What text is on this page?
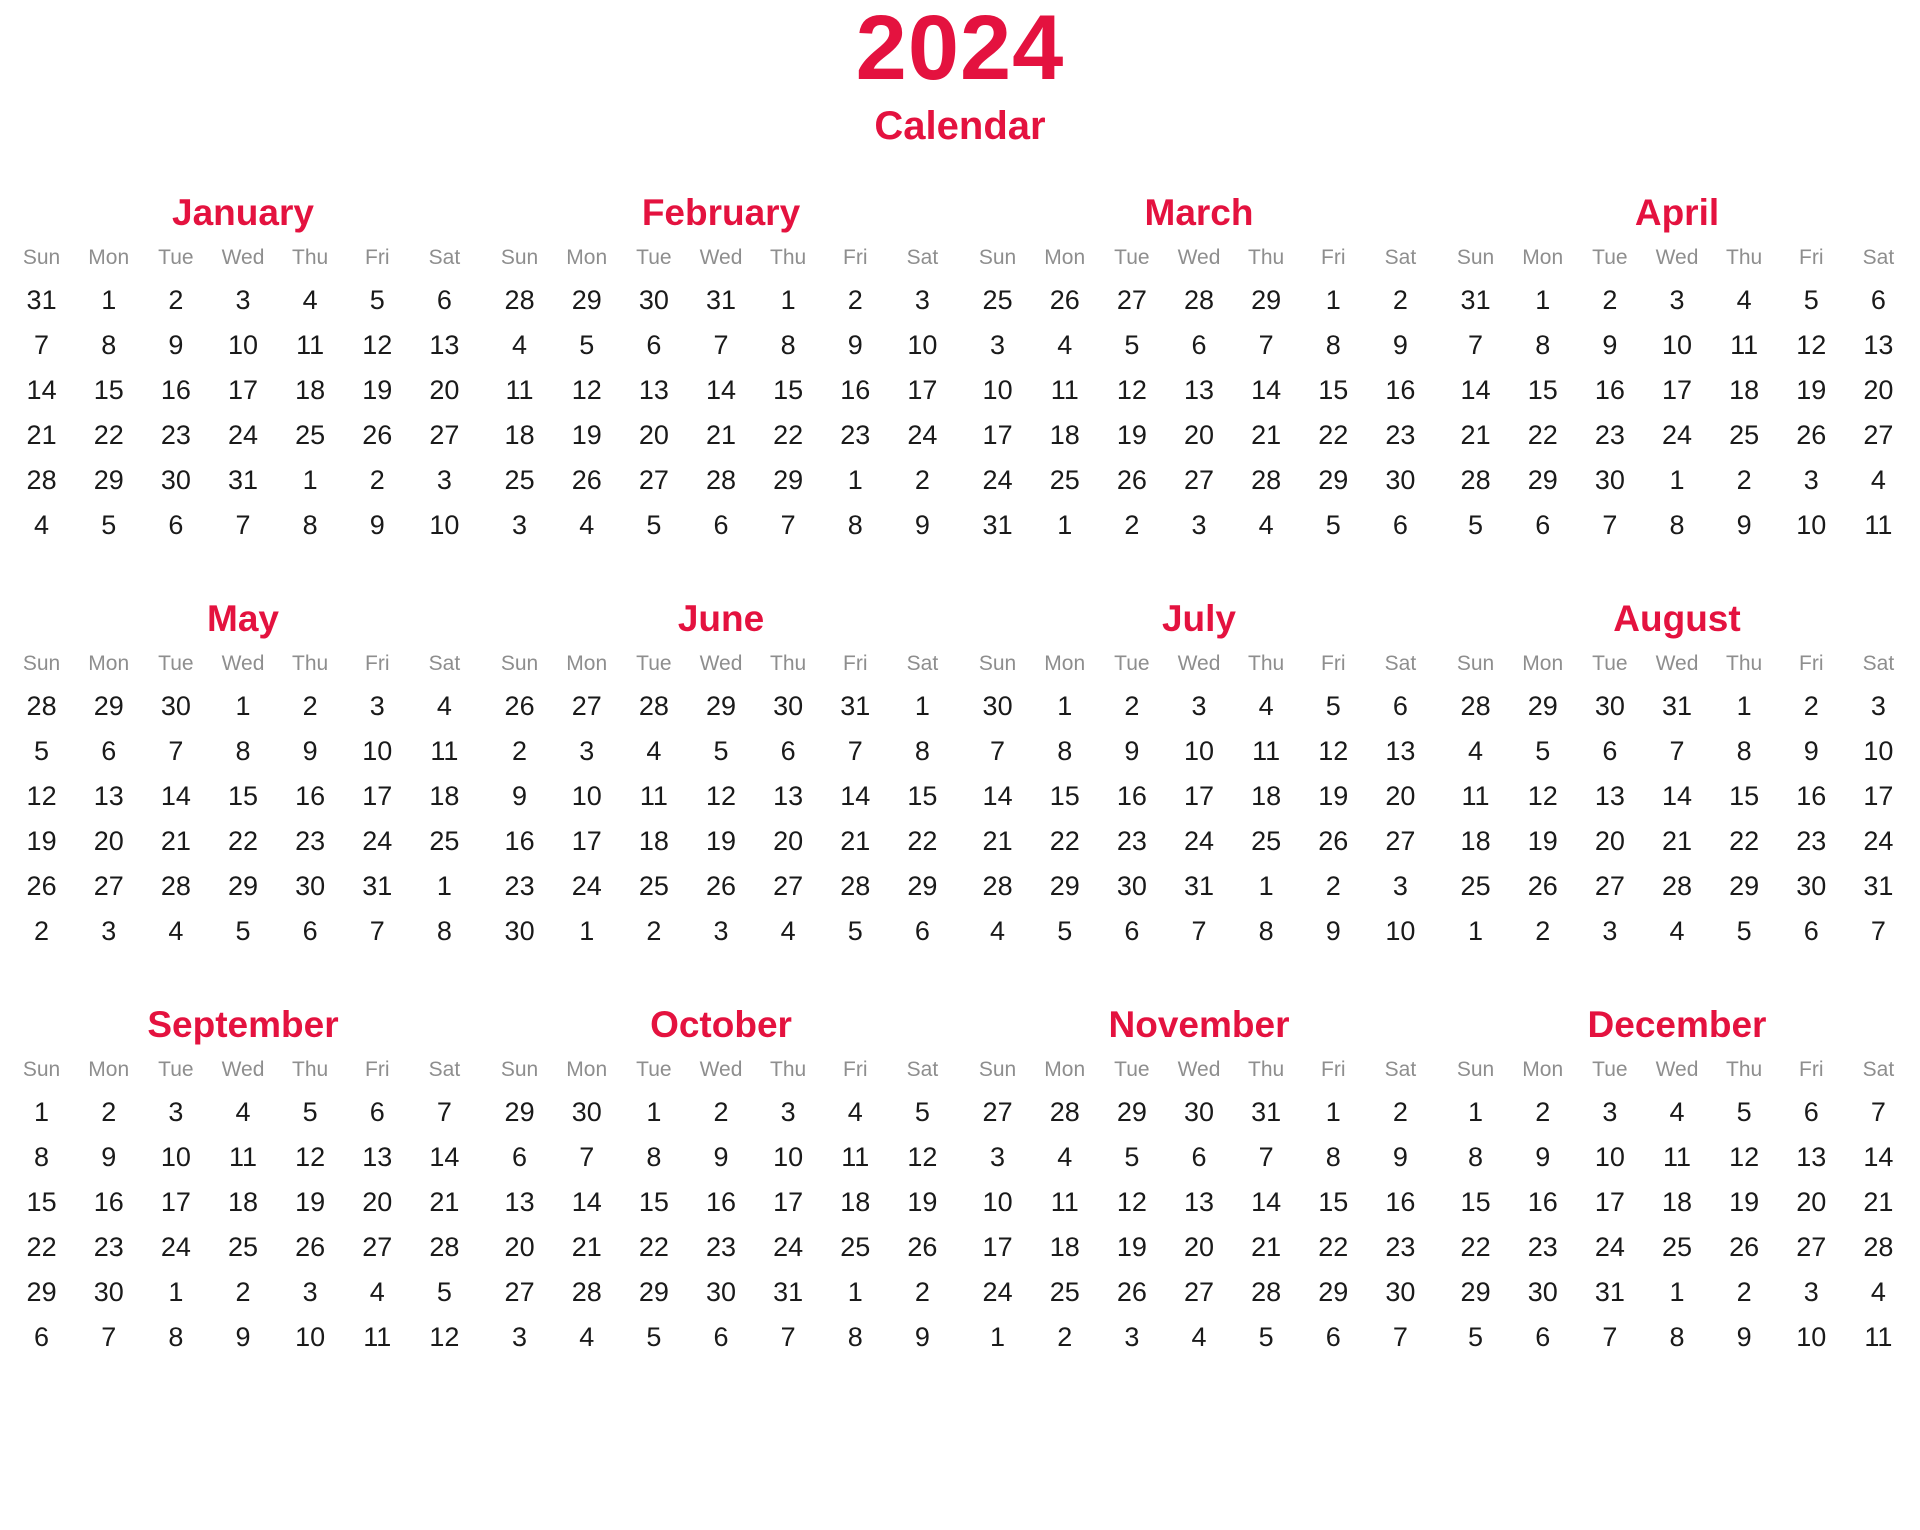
2024
Calendar
January
Sun	Mon	Tue	Wed	Thu	Fri	Sat
31	1	2	3	4	5	6
7	8	9	10	11	12	13
14	15	16	17	18	19	20
21	22	23	24	25	26	27
28	29	30	31	1	2	3
4	5	6	7	8	9	10
February
Sun	Mon	Tue	Wed	Thu	Fri	Sat
28	29	30	31	1	2	3
4	5	6	7	8	9	10
11	12	13	14	15	16	17
18	19	20	21	22	23	24
25	26	27	28	29	1	2
3	4	5	6	7	8	9
March
Sun	Mon	Tue	Wed	Thu	Fri	Sat
25	26	27	28	29	1	2
3	4	5	6	7	8	9
10	11	12	13	14	15	16
17	18	19	20	21	22	23
24	25	26	27	28	29	30
31	1	2	3	4	5	6
April
Sun	Mon	Tue	Wed	Thu	Fri	Sat
31	1	2	3	4	5	6
7	8	9	10	11	12	13
14	15	16	17	18	19	20
21	22	23	24	25	26	27
28	29	30	1	2	3	4
5	6	7	8	9	10	11
May
Sun	Mon	Tue	Wed	Thu	Fri	Sat
28	29	30	1	2	3	4
5	6	7	8	9	10	11
12	13	14	15	16	17	18
19	20	21	22	23	24	25
26	27	28	29	30	31	1
2	3	4	5	6	7	8
June
Sun	Mon	Tue	Wed	Thu	Fri	Sat
26	27	28	29	30	31	1
2	3	4	5	6	7	8
9	10	11	12	13	14	15
16	17	18	19	20	21	22
23	24	25	26	27	28	29
30	1	2	3	4	5	6
July
Sun	Mon	Tue	Wed	Thu	Fri	Sat
30	1	2	3	4	5	6
7	8	9	10	11	12	13
14	15	16	17	18	19	20
21	22	23	24	25	26	27
28	29	30	31	1	2	3
4	5	6	7	8	9	10
August
Sun	Mon	Tue	Wed	Thu	Fri	Sat
28	29	30	31	1	2	3
4	5	6	7	8	9	10
11	12	13	14	15	16	17
18	19	20	21	22	23	24
25	26	27	28	29	30	31
1	2	3	4	5	6	7
September
Sun	Mon	Tue	Wed	Thu	Fri	Sat
1	2	3	4	5	6	7
8	9	10	11	12	13	14
15	16	17	18	19	20	21
22	23	24	25	26	27	28
29	30	1	2	3	4	5
6	7	8	9	10	11	12
October
Sun	Mon	Tue	Wed	Thu	Fri	Sat
29	30	1	2	3	4	5
6	7	8	9	10	11	12
13	14	15	16	17	18	19
20	21	22	23	24	25	26
27	28	29	30	31	1	2
3	4	5	6	7	8	9
November
Sun	Mon	Tue	Wed	Thu	Fri	Sat
27	28	29	30	31	1	2
3	4	5	6	7	8	9
10	11	12	13	14	15	16
17	18	19	20	21	22	23
24	25	26	27	28	29	30
1	2	3	4	5	6	7
December
Sun	Mon	Tue	Wed	Thu	Fri	Sat
1	2	3	4	5	6	7
8	9	10	11	12	13	14
15	16	17	18	19	20	21
22	23	24	25	26	27	28
29	30	31	1	2	3	4
5	6	7	8	9	10	11
